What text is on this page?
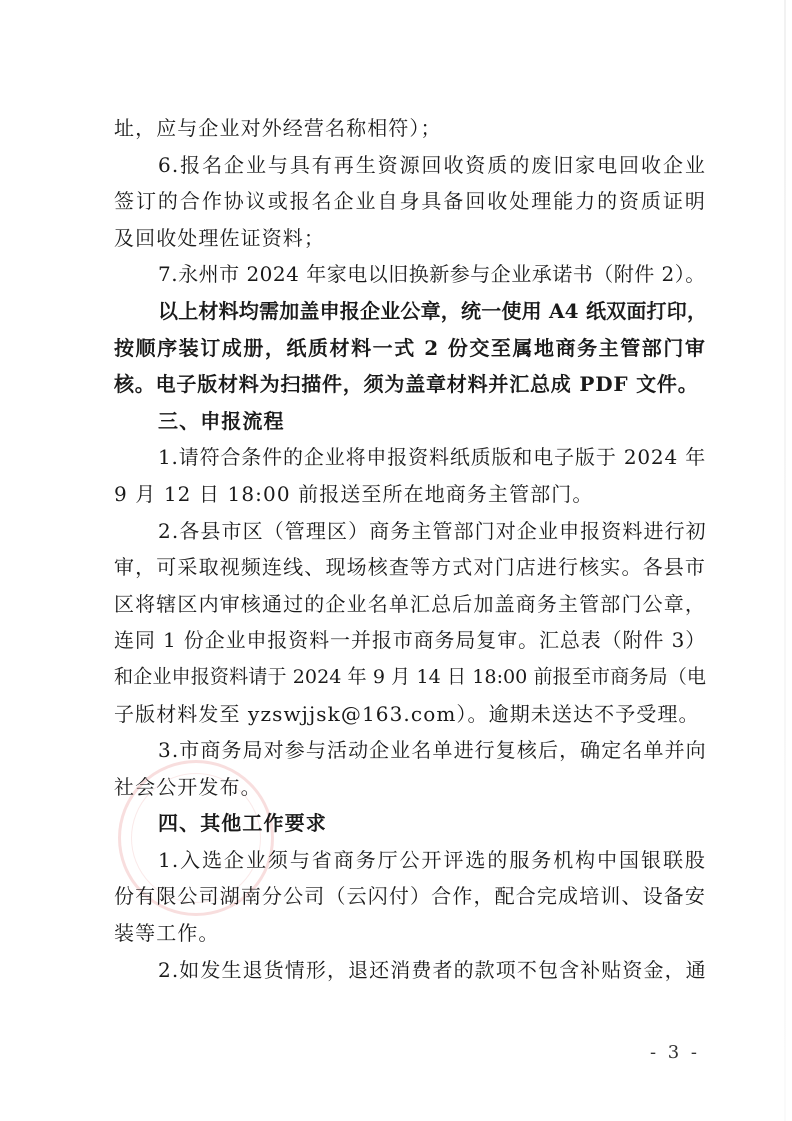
址，应与企业对外经营名称相符）；
6.报名企业与具有再生资源回收资质的废旧家电回收企业
签订的合作协议或报名企业自身具备回收处理能力的资质证明
及回收处理佐证资料；
7.永州市 2024 年家电以旧换新参与企业承诺书（附件 2）。
以上材料均需加盖申报企业公章，统一使用 A4 纸双面打印，
按顺序装订成册，纸质材料一式 2 份交至属地商务主管部门审
核。电子版材料为扫描件，须为盖章材料并汇总成 PDF 文件。
三、申报流程
1.请符合条件的企业将申报资料纸质版和电子版于 2024 年
9 月 12 日 18:00 前报送至所在地商务主管部门。
2.各县市区（管理区）商务主管部门对企业申报资料进行初
审，可采取视频连线、现场核查等方式对门店进行核实。各县市
区将辖区内审核通过的企业名单汇总后加盖商务主管部门公章，
连同 1 份企业申报资料一并报市商务局复审。汇总表（附件 3）
和企业申报资料请于 2024 年 9 月 14 日 18:00 前报至市商务局（电
子版材料发至 yzswjjsk@163.com）。逾期未送达不予受理。
3.市商务局对参与活动企业名单进行复核后，确定名单并向
社会公开发布。
四、其他工作要求
1.入选企业须与省商务厅公开评选的服务机构中国银联股
份有限公司湖南分公司（云闪付）合作，配合完成培训、设备安
装等工作。
2.如发生退货情形，退还消费者的款项不包含补贴资金，通
- 3 -
